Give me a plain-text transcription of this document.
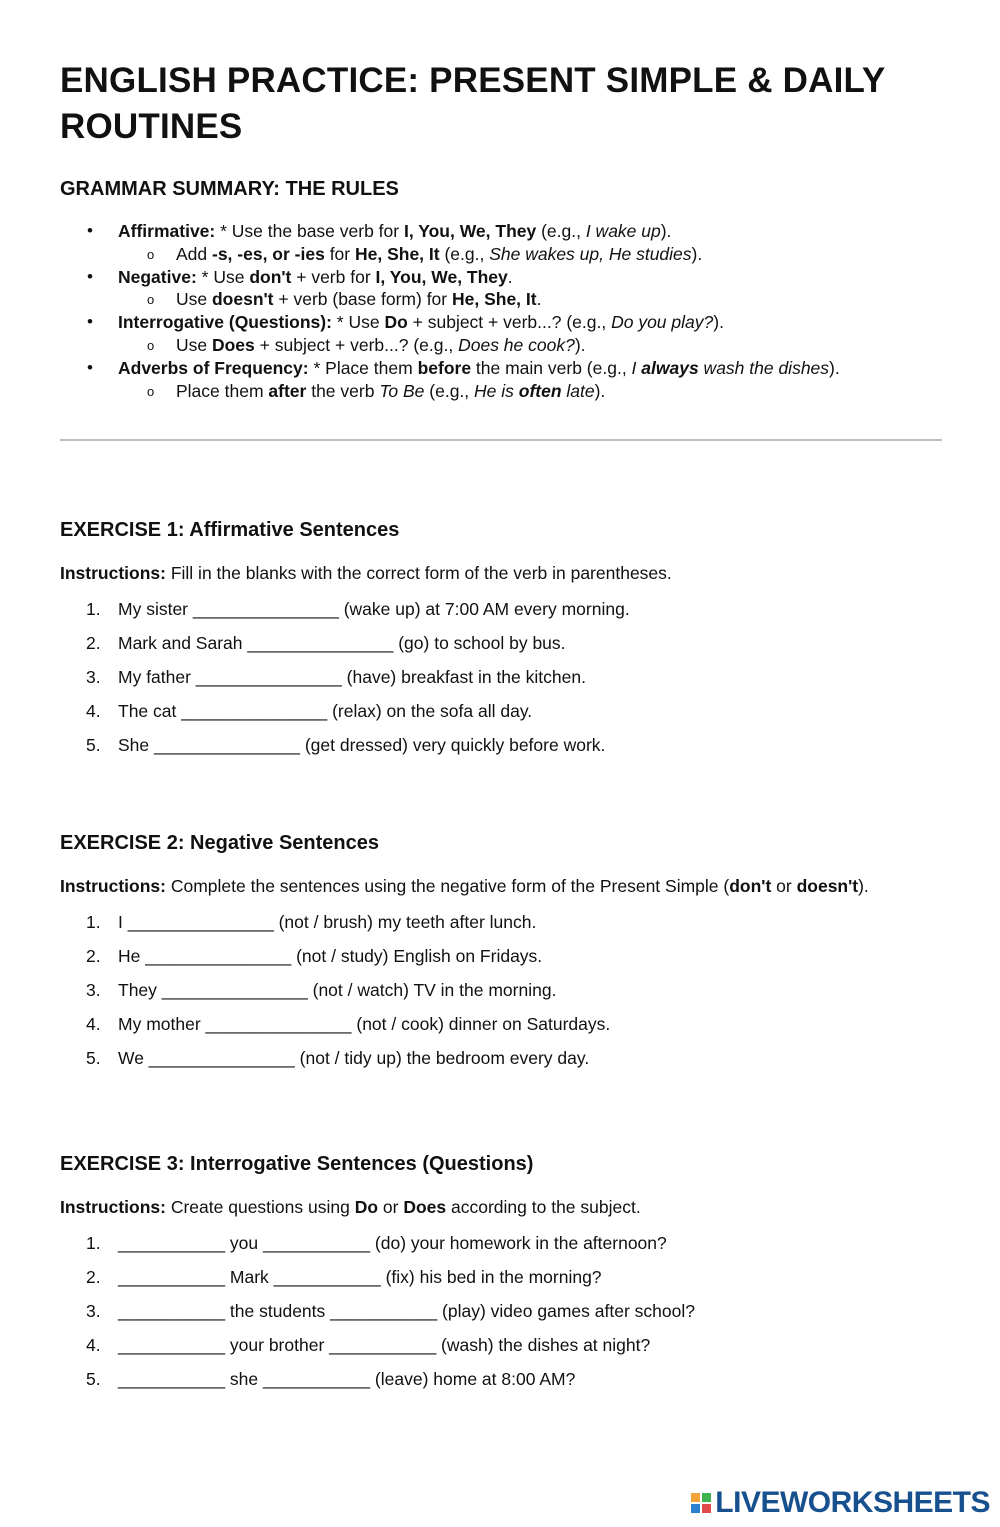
ENGLISH PRACTICE: PRESENT SIMPLE & DAILY ROUTINES
GRAMMAR SUMMARY: THE RULES
• Affirmative: * Use the base verb for I, You, We, They (e.g., I wake up).
o Add -s, -es, or -ies for He, She, It (e.g., She wakes up, He studies).
• Negative: * Use don't + verb for I, You, We, They.
o Use doesn't + verb (base form) for He, She, It.
• Interrogative (Questions): * Use Do + subject + verb...? (e.g., Do you play?).
o Use Does + subject + verb...? (e.g., Does he cook?).
• Adverbs of Frequency: * Place them before the main verb (e.g., I always wash the dishes).
o Place them after the verb To Be (e.g., He is often late).
EXERCISE 1: Affirmative Sentences

Instructions: Fill in the blanks with the correct form of the verb in parentheses.

1. My sister _______________ (wake up) at 7:00 AM every morning.
2. Mark and Sarah _______________ (go) to school by bus.
3. My father _______________ (have) breakfast in the kitchen.
4. The cat _______________ (relax) on the sofa all day.
5. She _______________ (get dressed) very quickly before work.
EXERCISE 2: Negative Sentences

Instructions: Complete the sentences using the negative form of the Present Simple (don't or doesn't).

1. I _______________ (not / brush) my teeth after lunch.
2. He _______________ (not / study) English on Fridays.
3. They _______________ (not / watch) TV in the morning.
4. My mother _______________ (not / cook) dinner on Saturdays.
5. We _______________ (not / tidy up) the bedroom every day.
EXERCISE 3: Interrogative Sentences (Questions)

Instructions: Create questions using Do or Does according to the subject.

1. ___________ you ___________ (do) your homework in the afternoon?
2. ___________ Mark ___________ (fix) his bed in the morning?
3. ___________ the students ___________ (play) video games after school?
4. ___________ your brother ___________ (wash) the dishes at night?
5. ___________ she ___________ (leave) home at 8:00 AM?
LIVEWORKSHEETS
